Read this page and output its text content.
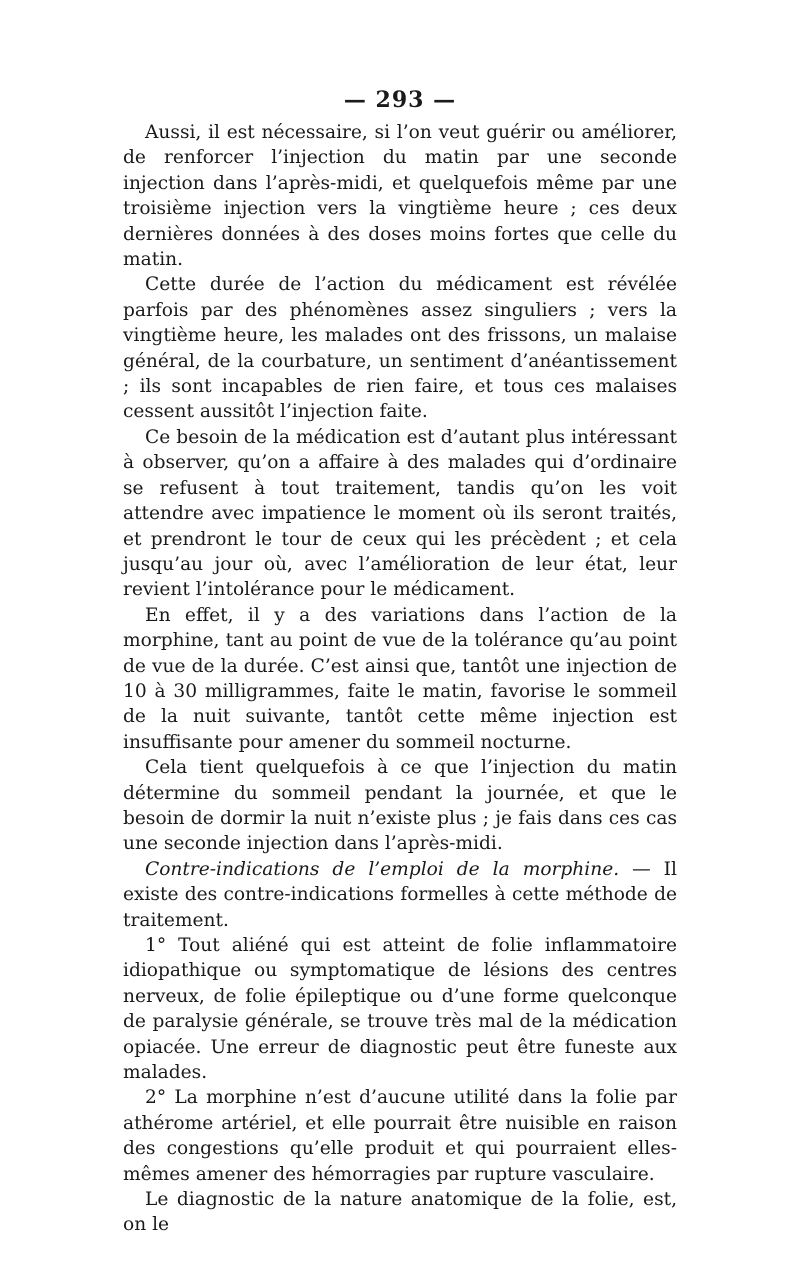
— 293 —

Aussi, il est nécessaire, si l’on veut guérir ou améliorer, de renforcer l’injection du matin par une seconde injection dans l’après-midi, et quelquefois même par une troisième injection vers la vingtième heure ; ces deux dernières données à des doses moins fortes que celle du matin.

Cette durée de l’action du médicament est révélée parfois par des phénomènes assez singuliers ; vers la vingtième heure, les malades ont des frissons, un malaise général, de la courbature, un sentiment d’anéantissement ; ils sont incapables de rien faire, et tous ces malaises cessent aussitôt l’injection faite.

Ce besoin de la médication est d’autant plus intéressant à observer, qu’on a affaire à des malades qui d’ordinaire se refusent à tout traitement, tandis qu’on les voit attendre avec impatience le moment où ils seront traités, et prendront le tour de ceux qui les précèdent ; et cela jusqu’au jour où, avec l’amélioration de leur état, leur revient l’intolérance pour le médicament.

En effet, il y a des variations dans l’action de la morphine, tant au point de vue de la tolérance qu’au point de vue de la durée. C’est ainsi que, tantôt une injection de 10 à 30 milligrammes, faite le matin, favorise le sommeil de la nuit suivante, tantôt cette même injection est insuffisante pour amener du sommeil nocturne.

Cela tient quelquefois à ce que l’injection du matin détermine du sommeil pendant la journée, et que le besoin de dormir la nuit n’existe plus ; je fais dans ces cas une seconde injection dans l’après-midi.

Contre-indications de l’emploi de la morphine. — Il existe des contre-indications formelles à cette méthode de traitement.

1° Tout aliéné qui est atteint de folie inflammatoire idiopathique ou symptomatique de lésions des centres nerveux, de folie épileptique ou d’une forme quelconque de paralysie générale, se trouve très mal de la médication opiacée. Une erreur de diagnostic peut être funeste aux malades.

2° La morphine n’est d’aucune utilité dans la folie par athérome artériel, et elle pourrait être nuisible en raison des congestions qu’elle produit et qui pourraient elles-mêmes amener des hémorragies par rupture vasculaire.

Le diagnostic de la nature anatomique de la folie, est, on le
